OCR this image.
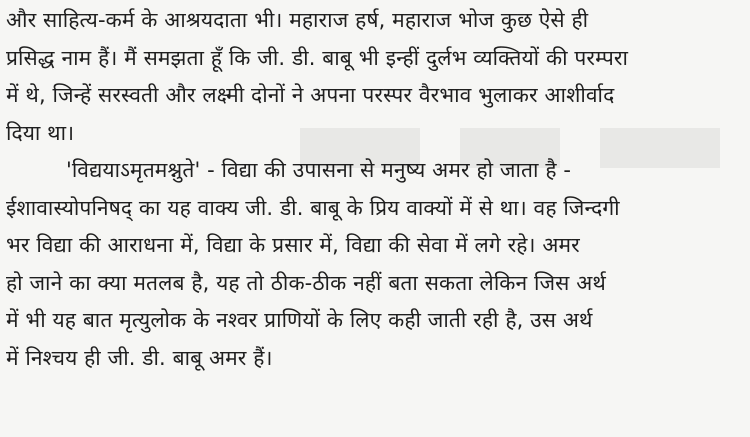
और साहित्य-कर्म के आश्रयदाता भी। महाराज हर्ष, महाराज भोज कुछ ऐसे ही
प्रसिद्ध नाम हैं। मैं समझता हूँ कि जी. डी. बाबू भी इन्हीं दुर्लभ व्यक्तियों की परम्परा
में थे, जिन्हें सरस्वती और लक्ष्मी दोनों ने अपना परस्पर वैरभाव भुलाकर आशीर्वाद
दिया था।
'विद्ययाऽमृतमश्नुते' - विद्या की उपासना से मनुष्य अमर हो जाता है -
ईशावास्योपनिषद् का यह वाक्य जी. डी. बाबू के प्रिय वाक्यों में से था। वह जिन्दगी
भर विद्या की आराधना में, विद्या के प्रसार में, विद्या की सेवा में लगे रहे। अमर
हो जाने का क्या मतलब है, यह तो ठीक-ठीक नहीं बता सकता लेकिन जिस अर्थ
में भी यह बात मृत्युलोक के नश्वर प्राणियों के लिए कही जाती रही है, उस अर्थ
में निश्चय ही जी. डी. बाबू अमर हैं।
